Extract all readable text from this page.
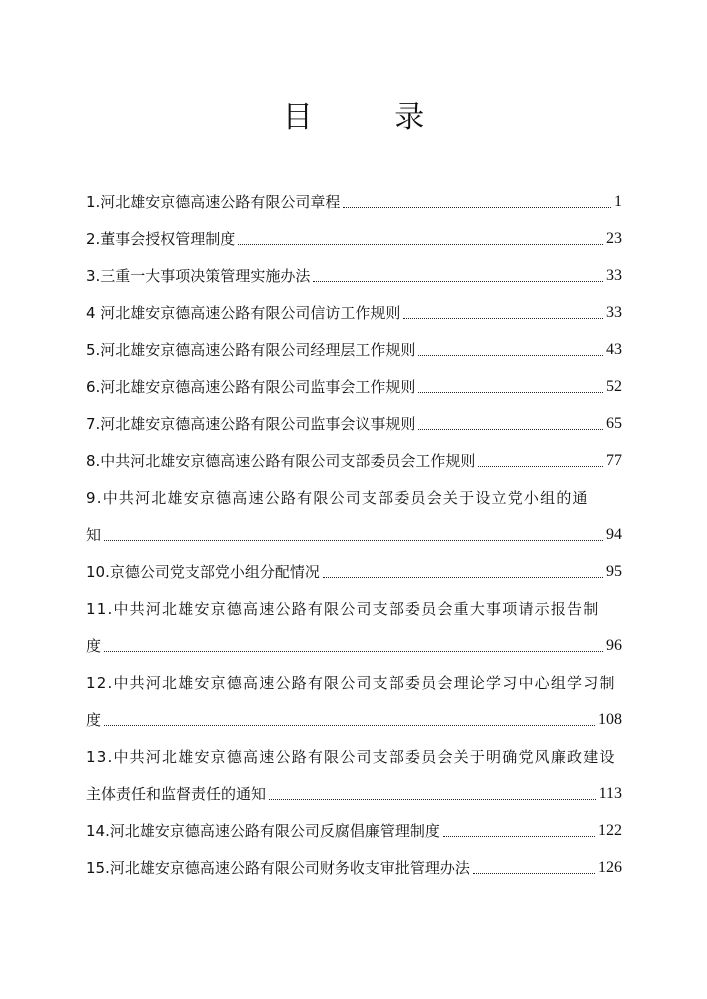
目 录
1.河北雄安京德高速公路有限公司章程	1
2.董事会授权管理制度	23
3.三重一大事项决策管理实施办法	33
4 河北雄安京德高速公路有限公司信访工作规则	33
5.河北雄安京德高速公路有限公司经理层工作规则	43
6.河北雄安京德高速公路有限公司监事会工作规则	52
7.河北雄安京德高速公路有限公司监事会议事规则	65
8.中共河北雄安京德高速公路有限公司支部委员会工作规则	77
9.中共河北雄安京德高速公路有限公司支部委员会关于设立党小组的通
知	94
10.京德公司党支部党小组分配情况	95
11.中共河北雄安京德高速公路有限公司支部委员会重大事项请示报告制
度	96
12.中共河北雄安京德高速公路有限公司支部委员会理论学习中心组学习制
度	108
13.中共河北雄安京德高速公路有限公司支部委员会关于明确党风廉政建设
主体责任和监督责任的通知	113
14.河北雄安京德高速公路有限公司反腐倡廉管理制度	122
15.河北雄安京德高速公路有限公司财务收支审批管理办法	126
